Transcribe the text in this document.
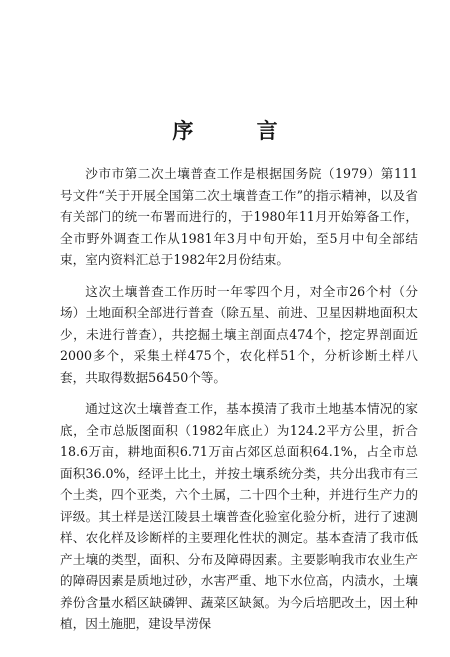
序 言

沙市市第二次土壤普查工作是根据国务院（1979）第111号文件“关于开展全国第二次土壤普查工作”的指示精神，以及省有关部门的统一布署而进行的，于1980年11月开始筹备工作，全市野外调查工作从1981年3月中旬开始，至5月中旬全部结束，室内资料汇总于1982年2月份结束。

这次土壤普查工作历时一年零四个月，对全市26个村（分场）土地面积全部进行普查（除五星、前进、卫星因耕地面积太少，未进行普查），共挖掘土壤主剖面点474个，挖定界剖面近2000多个，采集土样475个，农化样51个，分析诊断土样八套，共取得数据56450个等。

通过这次土壤普查工作，基本摸清了我市土地基本情况的家底，全市总版图面积（1982年底止）为124.2平方公里，折合18.6万亩，耕地面积6.71万亩占郊区总面积64.1%，占全市总面积36.0%，经评土比土，并按土壤系统分类，共分出我市有三个土类，四个亚类，六个土属，二十四个土种，并进行生产力的评级。其土样是送江陵县土壤普查化验室化验分析，进行了速测样、农化样及诊断样的主要理化性状的测定。基本查清了我市低产土壤的类型，面积、分布及障碍因素。主要影响我市农业生产的障碍因素是质地过砂，水害严重、地下水位高，内渍水，土壤养份含量水稻区缺磷钾、蔬菜区缺氮。为今后培肥改土，因土种植，因土施肥，建设旱涝保
